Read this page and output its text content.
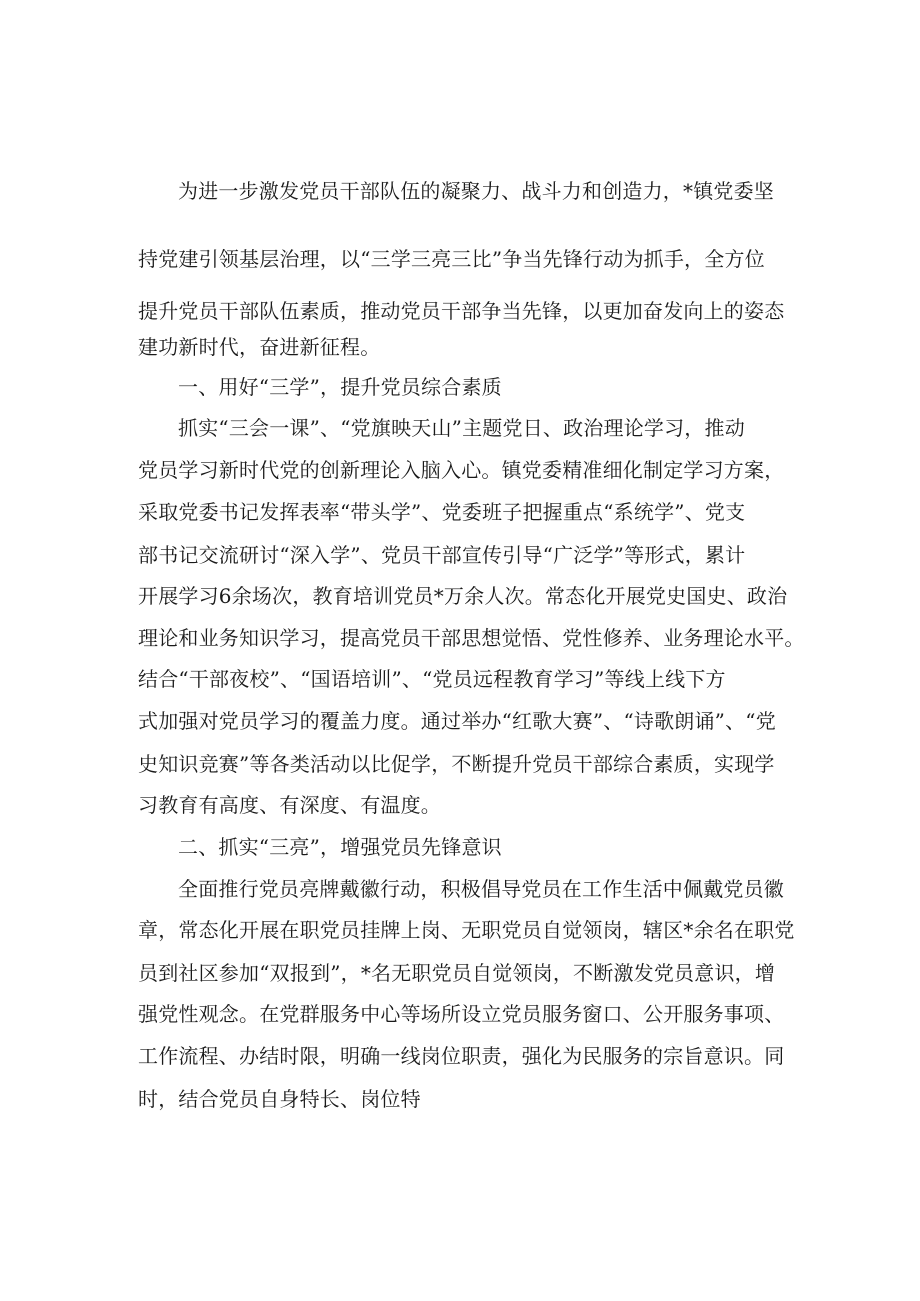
为进一步激发党员干部队伍的凝聚力、战斗力和创造力，*镇党委坚
持党建引领基层治理，以“三学三亮三比”争当先锋行动为抓手，全方位
提升党员干部队伍素质，推动党员干部争当先锋，以更加奋发向上的姿态
建功新时代，奋进新征程。
一、用好“三学”，提升党员综合素质
抓实“三会一课”、“党旗映天山”主题党日、政治理论学习，推动
党员学习新时代党的创新理论入脑入心。镇党委精准细化制定学习方案，
采取党委书记发挥表率“带头学”、党委班子把握重点“系统学”、党支
部书记交流研讨“深入学”、党员干部宣传引导“广泛学”等形式，累计
开展学习6余场次，教育培训党员*万余人次。常态化开展党史国史、政治
理论和业务知识学习，提高党员干部思想觉悟、党性修养、业务理论水平。
结合“干部夜校”、“国语培训”、“党员远程教育学习”等线上线下方
式加强对党员学习的覆盖力度。通过举办“红歌大赛”、“诗歌朗诵”、“党
史知识竞赛”等各类活动以比促学，不断提升党员干部综合素质，实现学
习教育有高度、有深度、有温度。
二、抓实“三亮”，增强党员先锋意识
全面推行党员亮牌戴徽行动，积极倡导党员在工作生活中佩戴党员徽
章，常态化开展在职党员挂牌上岗、无职党员自觉领岗，辖区*余名在职党
员到社区参加“双报到”，*名无职党员自觉领岗，不断激发党员意识，增
强党性观念。在党群服务中心等场所设立党员服务窗口、公开服务事项、
工作流程、办结时限，明确一线岗位职责，强化为民服务的宗旨意识。同
时，结合党员自身特长、岗位特
